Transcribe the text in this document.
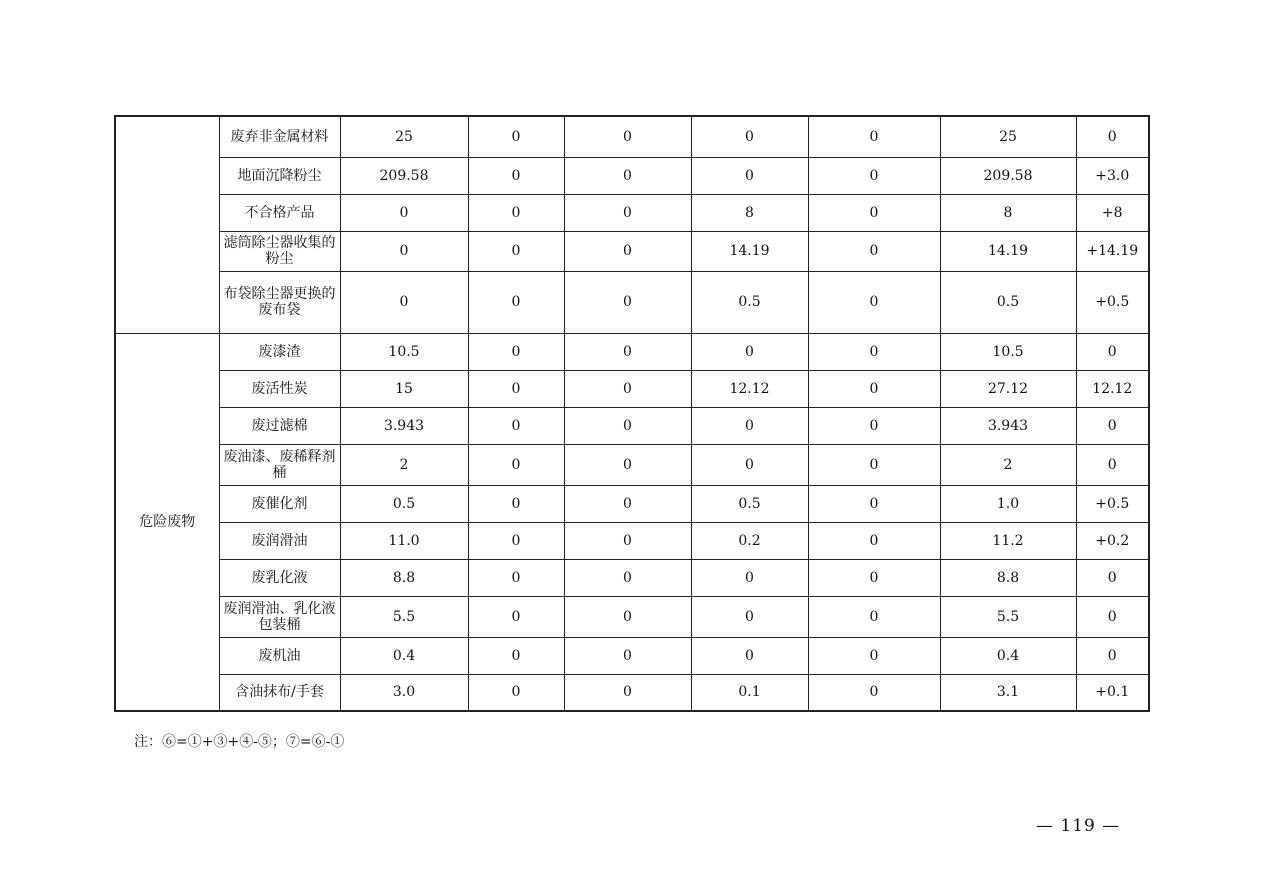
	废弃非金属材料	25	0	0	0	0	25	0
	地面沉降粉尘	209.58	0	0	0	0	209.58	+3.0
	不合格产品	0	0	0	8	0	8	+8
	滤筒除尘器收集的粉尘	0	0	0	14.19	0	14.19	+14.19
	布袋除尘器更换的废布袋	0	0	0	0.5	0	0.5	+0.5
危险废物	废漆渣	10.5	0	0	0	0	10.5	0
	废活性炭	15	0	0	12.12	0	27.12	12.12
	废过滤棉	3.943	0	0	0	0	3.943	0
	废油漆、废稀释剂桶	2	0	0	0	0	2	0
	废催化剂	0.5	0	0	0.5	0	1.0	+0.5
	废润滑油	11.0	0	0	0.2	0	11.2	+0.2
	废乳化液	8.8	0	0	0	0	8.8	0
	废润滑油、乳化液包装桶	5.5	0	0	0	0	5.5	0
	废机油	0.4	0	0	0	0	0.4	0
	含油抹布/手套	3.0	0	0	0.1	0	3.1	+0.1
注：⑥=①+③+④-⑤；⑦=⑥-①
— 119 —
